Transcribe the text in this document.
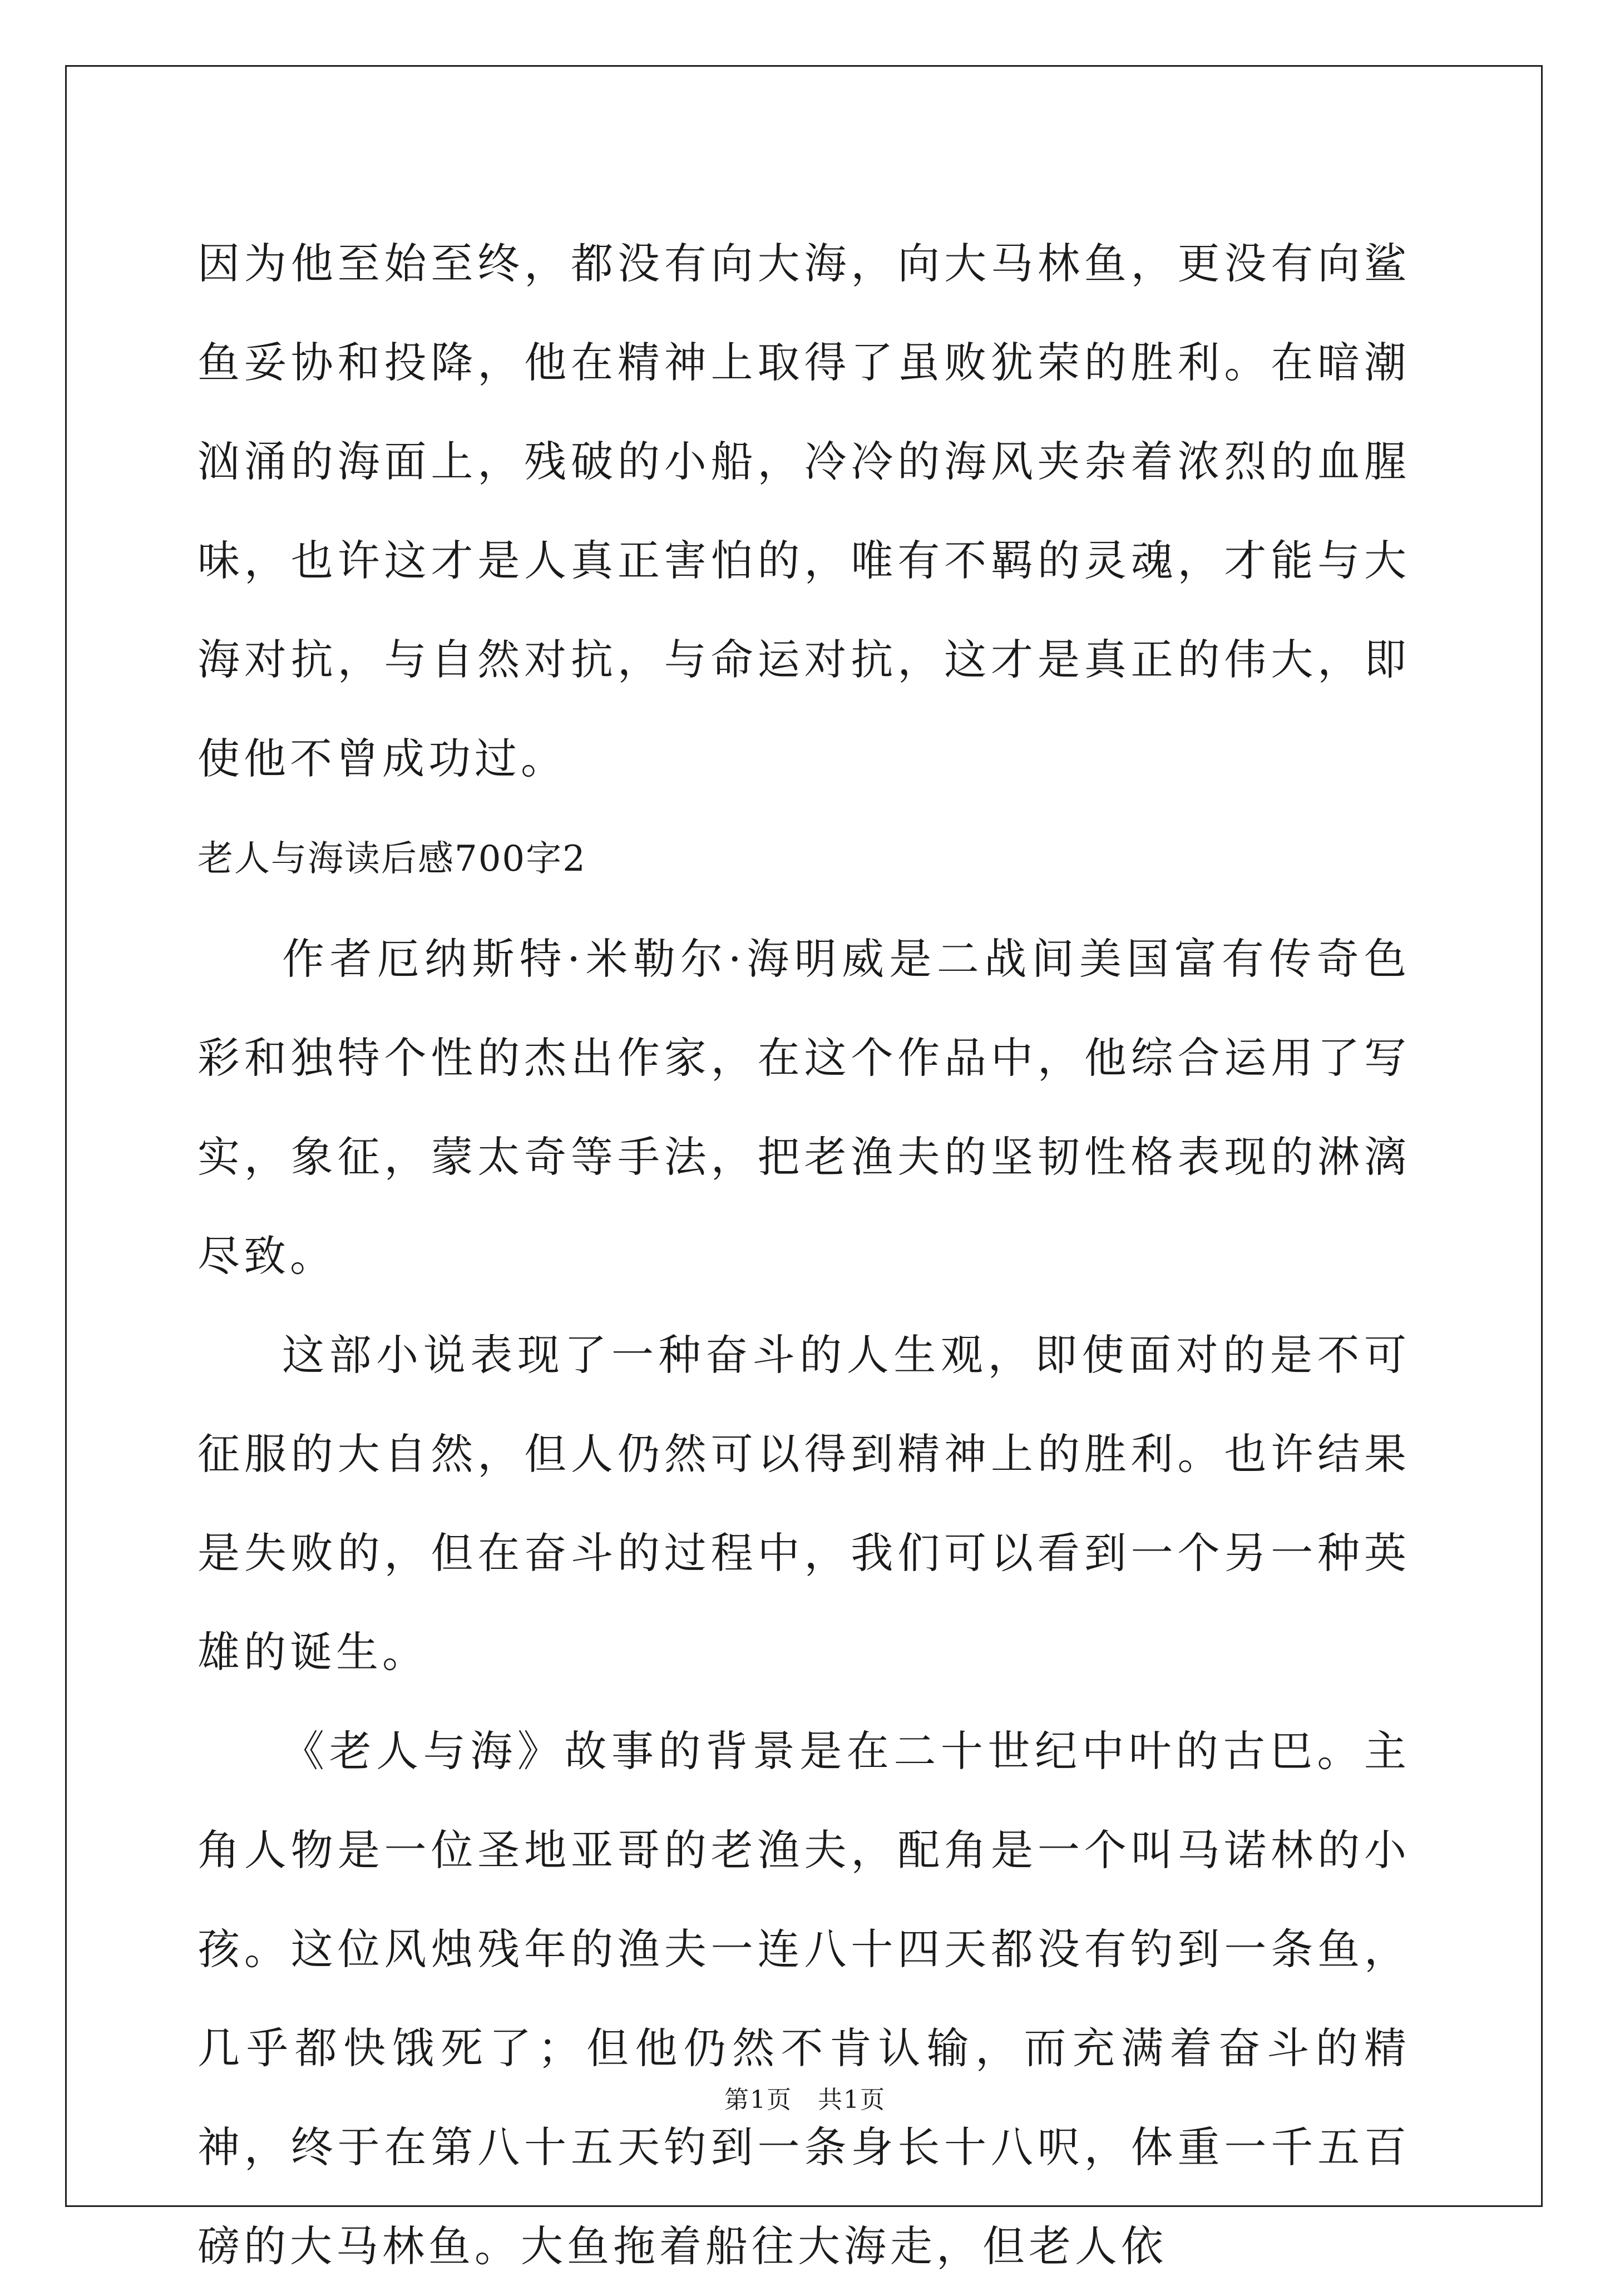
因为他至始至终，都没有向大海，向大马林鱼，更没有向鲨鱼妥协和投降，他在精神上取得了虽败犹荣的胜利。在暗潮汹涌的海面上，残破的小船，冷冷的海风夹杂着浓烈的血腥味，也许这才是人真正害怕的，唯有不羁的灵魂，才能与大海对抗，与自然对抗，与命运对抗，这才是真正的伟大，即使他不曾成功过。

老人与海读后感700字2

作者厄纳斯特·米勒尔·海明威是二战间美国富有传奇色彩和独特个性的杰出作家，在这个作品中，他综合运用了写实，象征，蒙太奇等手法，把老渔夫的坚韧性格表现的淋漓尽致。

这部小说表现了一种奋斗的人生观，即使面对的是不可征服的大自然，但人仍然可以得到精神上的胜利。也许结果是失败的，但在奋斗的过程中，我们可以看到一个另一种英雄的诞生。

《老人与海》故事的背景是在二十世纪中叶的古巴。主角人物是一位圣地亚哥的老渔夫，配角是一个叫马诺林的小孩。这位风烛残年的渔夫一连八十四天都没有钓到一条鱼，几乎都快饿死了；但他仍然不肯认输，而充满着奋斗的精神，终于在第八十五天钓到一条身长十八呎，体重一千五百磅的大马林鱼。大鱼拖着船往大海走，但老人依

第1页　共1页
